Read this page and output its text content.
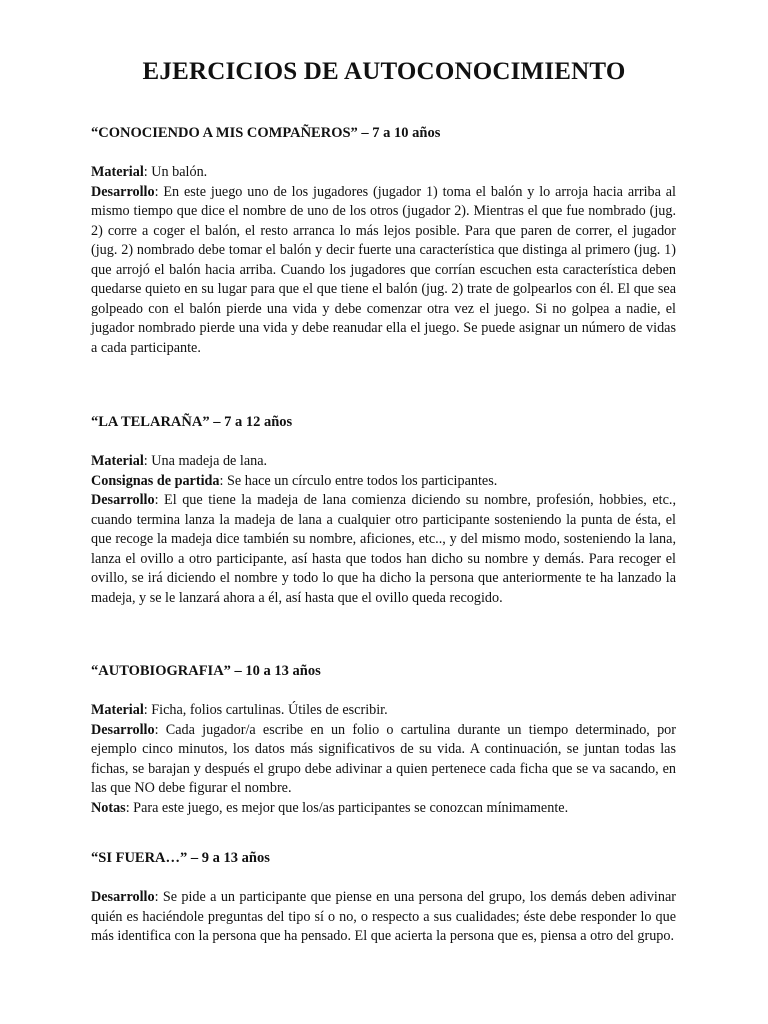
EJERCICIOS DE AUTOCONOCIMIENTO

“CONOCIENDO A MIS COMPAÑEROS” – 7 a 10 años

Material: Un balón.

Desarrollo: En este juego uno de los jugadores (jugador 1) toma el balón y lo arroja hacia arriba al mismo tiempo que dice el nombre de uno de los otros (jugador 2). Mientras el que fue nombrado (jug. 2) corre a coger el balón, el resto arranca lo más lejos posible. Para que paren de correr, el jugador (jug. 2) nombrado debe tomar el balón y decir fuerte una característica que distinga al primero (jug. 1) que arrojó el balón hacia arriba. Cuando los jugadores que corrían escuchen esta característica deben quedarse quieto en su lugar para que el que tiene el balón (jug. 2) trate de golpearlos con él. El que sea golpeado con el balón pierde una vida y debe comenzar otra vez el juego. Si no golpea a nadie, el jugador nombrado pierde una vida y debe reanudar ella el juego. Se puede asignar un número de vidas a cada participante.

“LA TELARAÑA” – 7 a 12 años

Material: Una madeja de lana.

Consignas de partida: Se hace un círculo entre todos los participantes.

Desarrollo: El que tiene la madeja de lana comienza diciendo su nombre, profesión, hobbies, etc., cuando termina lanza la madeja de lana a cualquier otro participante sosteniendo la punta de ésta, el que recoge la madeja dice también su nombre, aficiones, etc.., y del mismo modo, sosteniendo la lana, lanza el ovillo a otro participante, así hasta que todos han dicho su nombre y demás. Para recoger el ovillo, se irá diciendo el nombre y todo lo que ha dicho la persona que anteriormente te ha lanzado la madeja, y se le lanzará ahora a él, así hasta que el ovillo queda recogido.

“AUTOBIOGRAFIA” – 10 a 13 años

Material: Ficha, folios cartulinas. Útiles de escribir.

Desarrollo: Cada jugador/a escribe en un folio o cartulina durante un tiempo determinado, por ejemplo cinco minutos, los datos más significativos de su vida. A continuación, se juntan todas las fichas, se barajan y después el grupo debe adivinar a quien pertenece cada ficha que se va sacando, en las que NO debe figurar el nombre.

Notas: Para este juego, es mejor que los/as participantes se conozcan mínimamente.

“SI FUERA…” – 9 a 13 años

Desarrollo: Se pide a un participante que piense en una persona del grupo, los demás deben adivinar quién es haciéndole preguntas del tipo sí o no, o respecto a sus cualidades; éste debe responder lo que más identifica con la persona que ha pensado. El que acierta la persona que es, piensa a otro del grupo.
